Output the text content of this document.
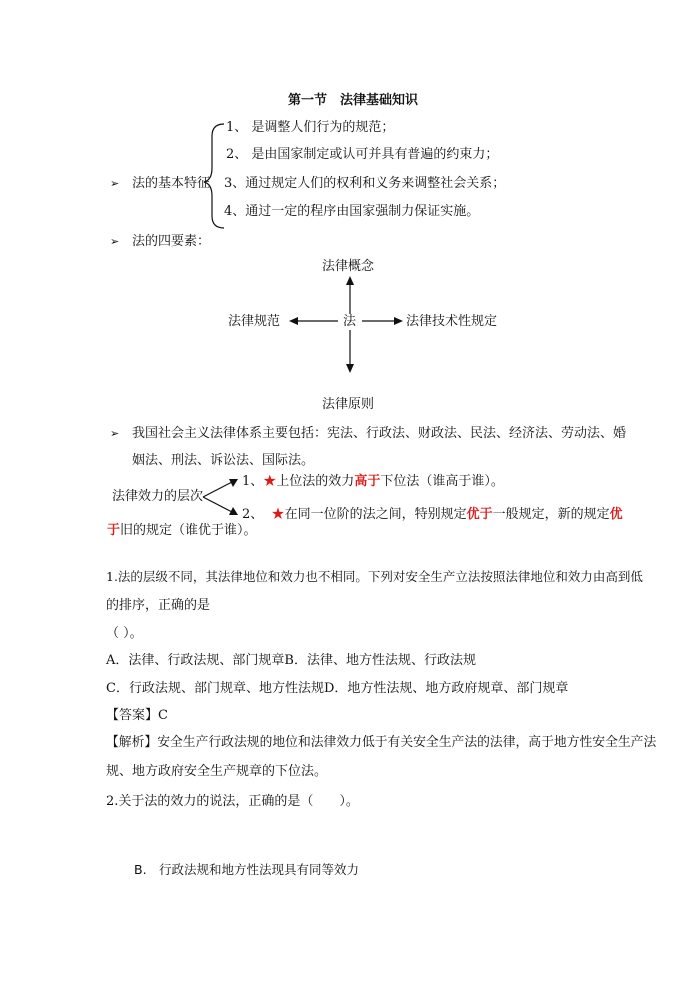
第一节　法律基础知识
1、 是调整人们行为的规范；
2、 是由国家制定或认可并具有普遍的约束力；
➢ 法的基本特征 3、通过规定人们的权利和义务来调整社会关系；
4、通过一定的程序由国家强制力保证实施。
➢ 法的四要素：
法律概念
法律规范	法	法律技术性规定
法律原则
➢ 我国社会主义法律体系主要包括：宪法、行政法、财政法、民法、经济法、劳动法、婚
姻法、刑法、诉讼法、国际法。
法律效力的层次
1、★上位法的效力高于下位法（谁高于谁）。
2、 ★在同一位阶的法之间，特别规定优于一般规定，新的规定优
于旧的规定（谁优于谁）。
1.法的层级不同，其法律地位和效力也不相同。下列对安全生产立法按照法律地位和效力由高到低
的排序，正确的是
（ ）。
A．法律、行政法规、部门规章B．法律、地方性法规、行政法规
C．行政法规、部门规章、地方性法规D．地方性法规、地方政府规章、部门规章
【答案】C
【解析】安全生产行政法规的地位和法律效力低于有关安全生产法的法律，高于地方性安全生产法
规、地方政府安全生产规章的下位法。
2.关于法的效力的说法，正确的是（　　）。
B.　行政法规和地方性法现具有同等效力
